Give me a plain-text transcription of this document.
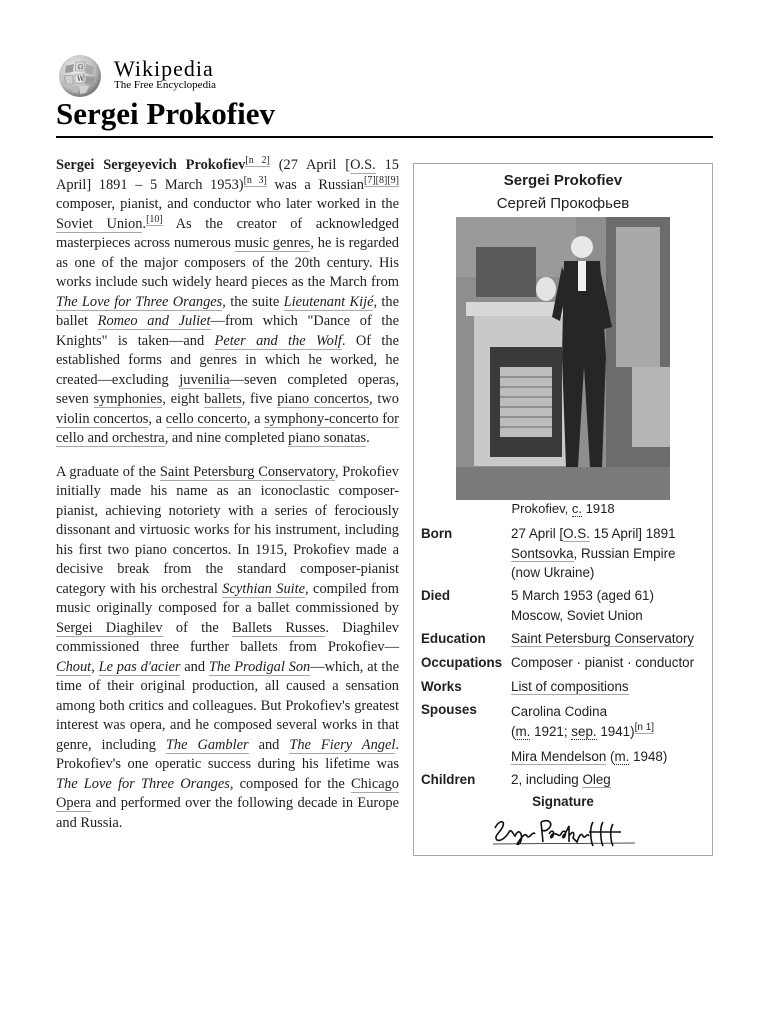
Ω
W Wikipedia
The Free Encyclopedia
Sergei Prokofiev

Sergei Sergeyevich Prokofiev[n 2] (27 April [O.S. 15 April] 1891 – 5 March 1953)[n 3] was a Russian[7][8][9] composer, pianist, and conductor who later worked in the Soviet Union.[10] As the creator of acknowledged masterpieces across numerous music genres, he is regarded as one of the major composers of the 20th century. His works include such widely heard pieces as the March from The Love for Three Oranges, the suite Lieutenant Kijé, the ballet Romeo and Juliet—from which "Dance of the Knights" is taken—and Peter and the Wolf. Of the established forms and genres in which he worked, he created—excluding juvenilia—seven completed operas, seven symphonies, eight ballets, five piano concertos, two violin concertos, a cello concerto, a symphony-concerto for cello and orchestra, and nine completed piano sonatas.

A graduate of the Saint Petersburg Conservatory, Prokofiev initially made his name as an iconoclastic composer-pianist, achieving notoriety with a series of ferociously dissonant and virtuosic works for his instrument, including his first two piano concertos. In 1915, Prokofiev made a decisive break from the standard composer-pianist category with his orchestral Scythian Suite, compiled from music originally composed for a ballet commissioned by Sergei Diaghilev of the Ballets Russes. Diaghilev commissioned three further ballets from Prokofiev—Chout, Le pas d'acier and The Prodigal Son—which, at the time of their original production, all caused a sensation among both critics and colleagues. But Prokofiev's greatest interest was opera, and he composed several works in that genre, including The Gambler and The Fiery Angel. Prokofiev's one operatic success during his lifetime was The Love for Three Oranges, composed for the Chicago Opera and performed over the following decade in Europe and Russia.

Sergei Prokofiev
Сергей Прокофьев
Prokofiev, c. 1918
Born	27 April [O.S. 15 April] 1891
Sontsovka, Russian Empire
(now Ukraine)
Died	5 March 1953 (aged 61)
Moscow, Soviet Union
Education Saint Petersburg Conservatory
Occupations Composer · pianist · conductor
Works	List of compositions
Spouses	Carolina Codina
(m. 1921; sep. 1941)[n 1]
Mira Mendelson (m. 1948)
Children	2, including Oleg
Signature
